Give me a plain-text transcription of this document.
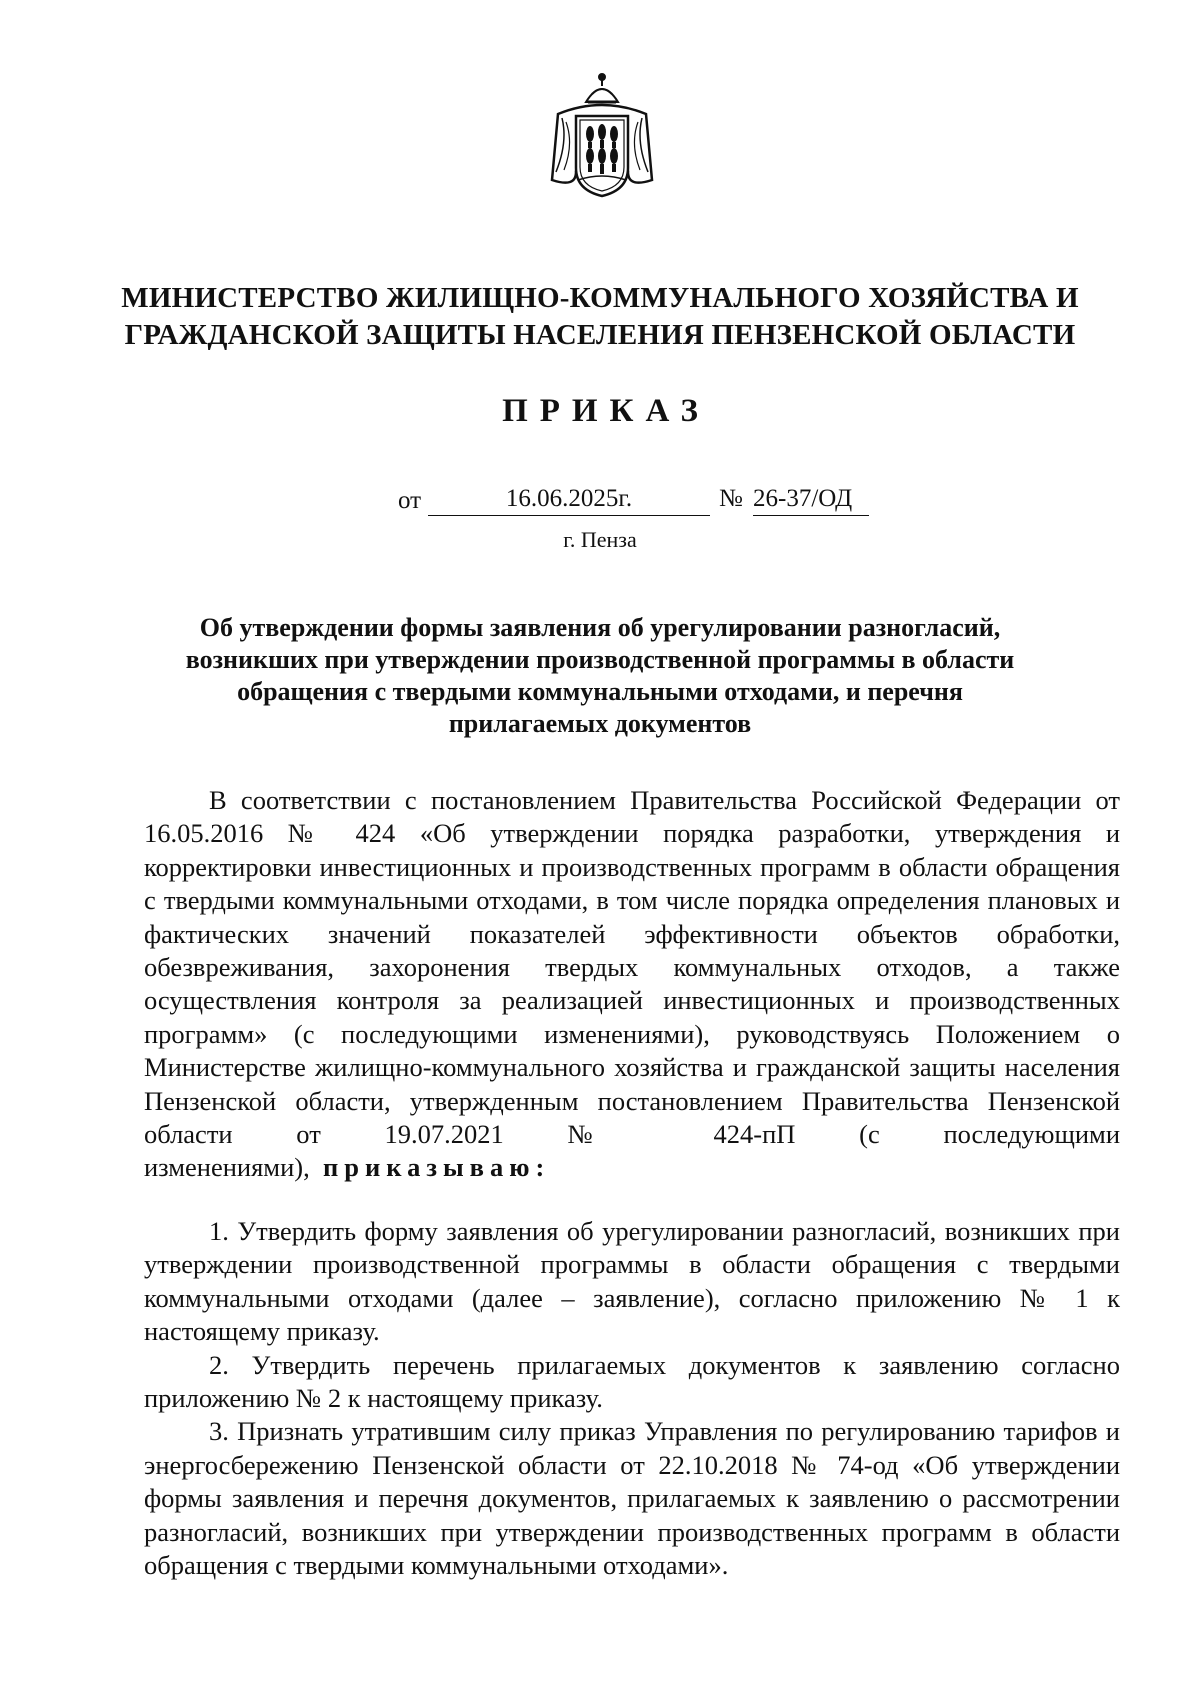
МИНИСТЕРСТВО ЖИЛИЩНО-КОММУНАЛЬНОГО ХОЗЯЙСТВА И
ГРАЖДАНСКОЙ ЗАЩИТЫ НАСЕЛЕНИЯ ПЕНЗЕНСКОЙ ОБЛАСТИ
ПРИКАЗ
от	16.06.2025г.	№ 26-37/ОД
г. Пенза
Об утверждении формы заявления об урегулировании разногласий,
возникших при утверждении производственной программы в области
обращения с твердыми коммунальными отходами, и перечня
прилагаемых документов

В соответствии с постановлением Правительства Российской Федерации от 16.05.2016 № 424 «Об утверждении порядка разработки, утверждения и корректировки инвестиционных и производственных программ в области обращения с твердыми коммунальными отходами, в том числе порядка определения плановых и фактических значений показателей эффективности объектов обработки, обезвреживания, захоронения твердых коммунальных отходов, а также осуществления контроля за реализацией инвестиционных и производственных программ» (с последующими изменениями), руководствуясь Положением о Министерстве жилищно-коммунального хозяйства и гражданской защиты населения Пензенской области, утвержденным постановлением Правительства Пензенской области от 19.07.2021 № 424-пП (с последующими изменениями), приказываю:

1. Утвердить форму заявления об урегулировании разногласий, возникших при утверждении производственной программы в области обращения с твердыми коммунальными отходами (далее – заявление), согласно приложению № 1 к настоящему приказу.

2. Утвердить перечень прилагаемых документов к заявлению согласно приложению № 2 к настоящему приказу.

3. Признать утратившим силу приказ Управления по регулированию тарифов и энергосбережению Пензенской области от 22.10.2018 № 74-од «Об утверждении формы заявления и перечня документов, прилагаемых к заявлению о рассмотрении разногласий, возникших при утверждении производственных программ в области обращения с твердыми коммунальными отходами».
